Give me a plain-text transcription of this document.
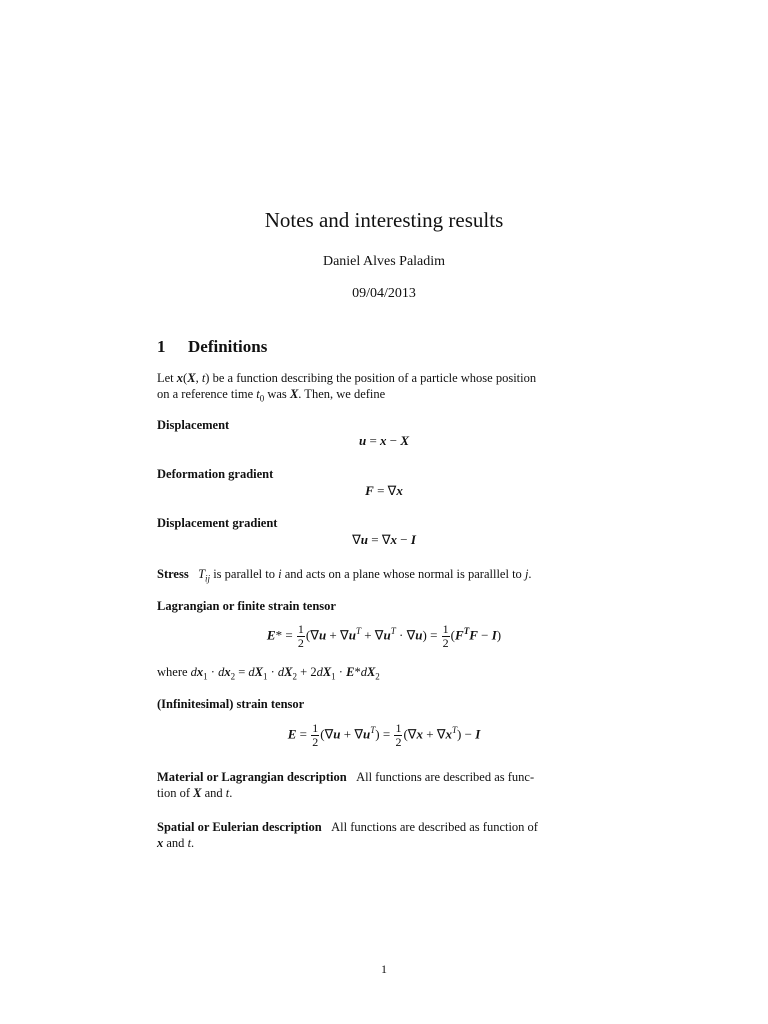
Notes and interesting results
Daniel Alves Paladim
09/04/2013
1 Definitions
Let x(X, t) be a function describing the position of a particle whose position
on a reference time $t_0$ was X. Then, we define
Displacement
u = x − X
Deformation gradient
F = ∇x
Displacement gradient
∇u = ∇x − I
Stress $T_{ij}$ is parallel to i and acts on a plane whose normal is paralllel to j.
Lagrangian or finite strain tensor
$E* = \frac{1}{2} (\nabla u + \nabla u^T + \nabla u^T \cdot \nabla u) = \frac{1}{2} (F^TF - I)$
where $dx_1 \cdot dx_2 = dX_1 \cdot dX_2 + 2dX_1 \cdot E*dX_2$
(Infinitesimal) strain tensor
$E = \frac{1}{2} (\nabla u + \nabla u^T) = \frac{1}{2} (\nabla x + \nabla x^T) - I$
Material or Lagrangian description All functions are described as func-
tion of X and t.
Spatial or Eulerian description All functions are described as function of
x and t.
1
